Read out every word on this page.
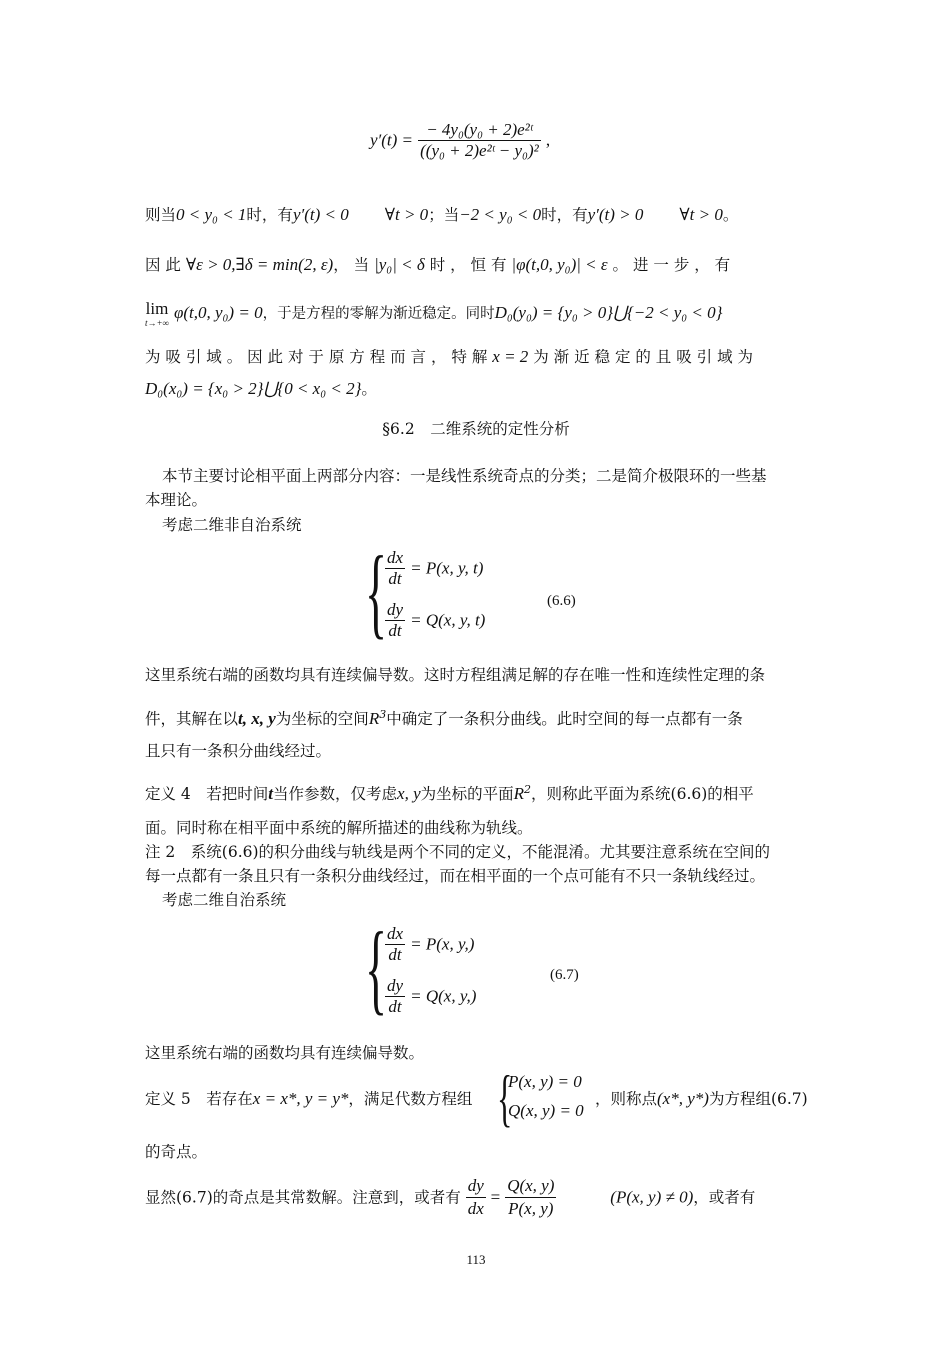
$y'(t) = \frac{\text{− 4y₀(y₀ + 2)e²ᵗ}}{\text{((y₀ + 2)e²ᵗ − y₀)²}}$ ,
则当0 < y₀ < 1时，有y′(t) < 0 ∀t > 0；当−2 < y₀ < 0时，有y′(t) > 0 ∀t > 0。
因 此 ∀ε > 0,∃δ = min(2, ε)， 当 |y₀| < δ 时 ， 恒 有 |φ(t,0, y₀)| < ε 。 进 一 步 ， 有
lim
t→+∞
φ(t,0, y₀) = 0，于是方程的零解为渐近稳定。同时D₀(y₀) = {y₀ > 0}⋃{−2 < y₀ < 0}
为 吸 引 域 。 因 此 对 于 原 方 程 而 言 ， 特 解 x = 2 为 渐 近 稳 定 的 且 吸 引 域 为
D₀(x₀) = {x₀ > 2}⋃{0 < x₀ < 2}。
§6.2　二维系统的定性分析
本节主要讨论相平面上两部分内容：一是线性系统奇点的分类；二是简介极限环的一些基
本理论。
考虑二维非自治系统
{
$\frac{dx}{dt} = P(x$, y, t)
$\frac{dy}{dt} = Q(x$, y, t)
(6.6)
这里系统右端的函数均具有连续偏导数。这时方程组满足解的存在唯一性和连续性定理的条
件，其解在以t, x, y为坐标的空间$R^3$中确定了一条积分曲线。此时空间的每一点都有一条
且只有一条积分曲线经过。
定义 4　若把时间t当作参数，仅考虑x, y为坐标的平面$R^2$，则称此平面为系统(6.6)的相平
面。同时称在相平面中系统的解所描述的曲线称为轨线。
注 2　系统(6.6)的积分曲线与轨线是两个不同的定义，不能混淆。尤其要注意系统在空间的
每一点都有一条且只有一条积分曲线经过，而在相平面的一个点可能有不只一条轨线经过。
考虑二维自治系统
{
$\frac{dx}{dt} = P(x$, y,)
$\frac{dy}{dt} = Q(x$, y,)
(6.7)
这里系统右端的函数均具有连续偏导数。
定义 5　若存在x = x*, y = y*，满足代数方程组 {
P(x, y) = 0
Q(x, y) = 0
，则称点(x*, y*)为方程组(6.7)
的奇点。
显然(6.7)的奇点是其常数解。注意到，或者有 $\frac{dy}{dx} = \frac{Q(x, y)}{P(x, y)}$	(P(x, y) ≠ 0)，或者有
113
